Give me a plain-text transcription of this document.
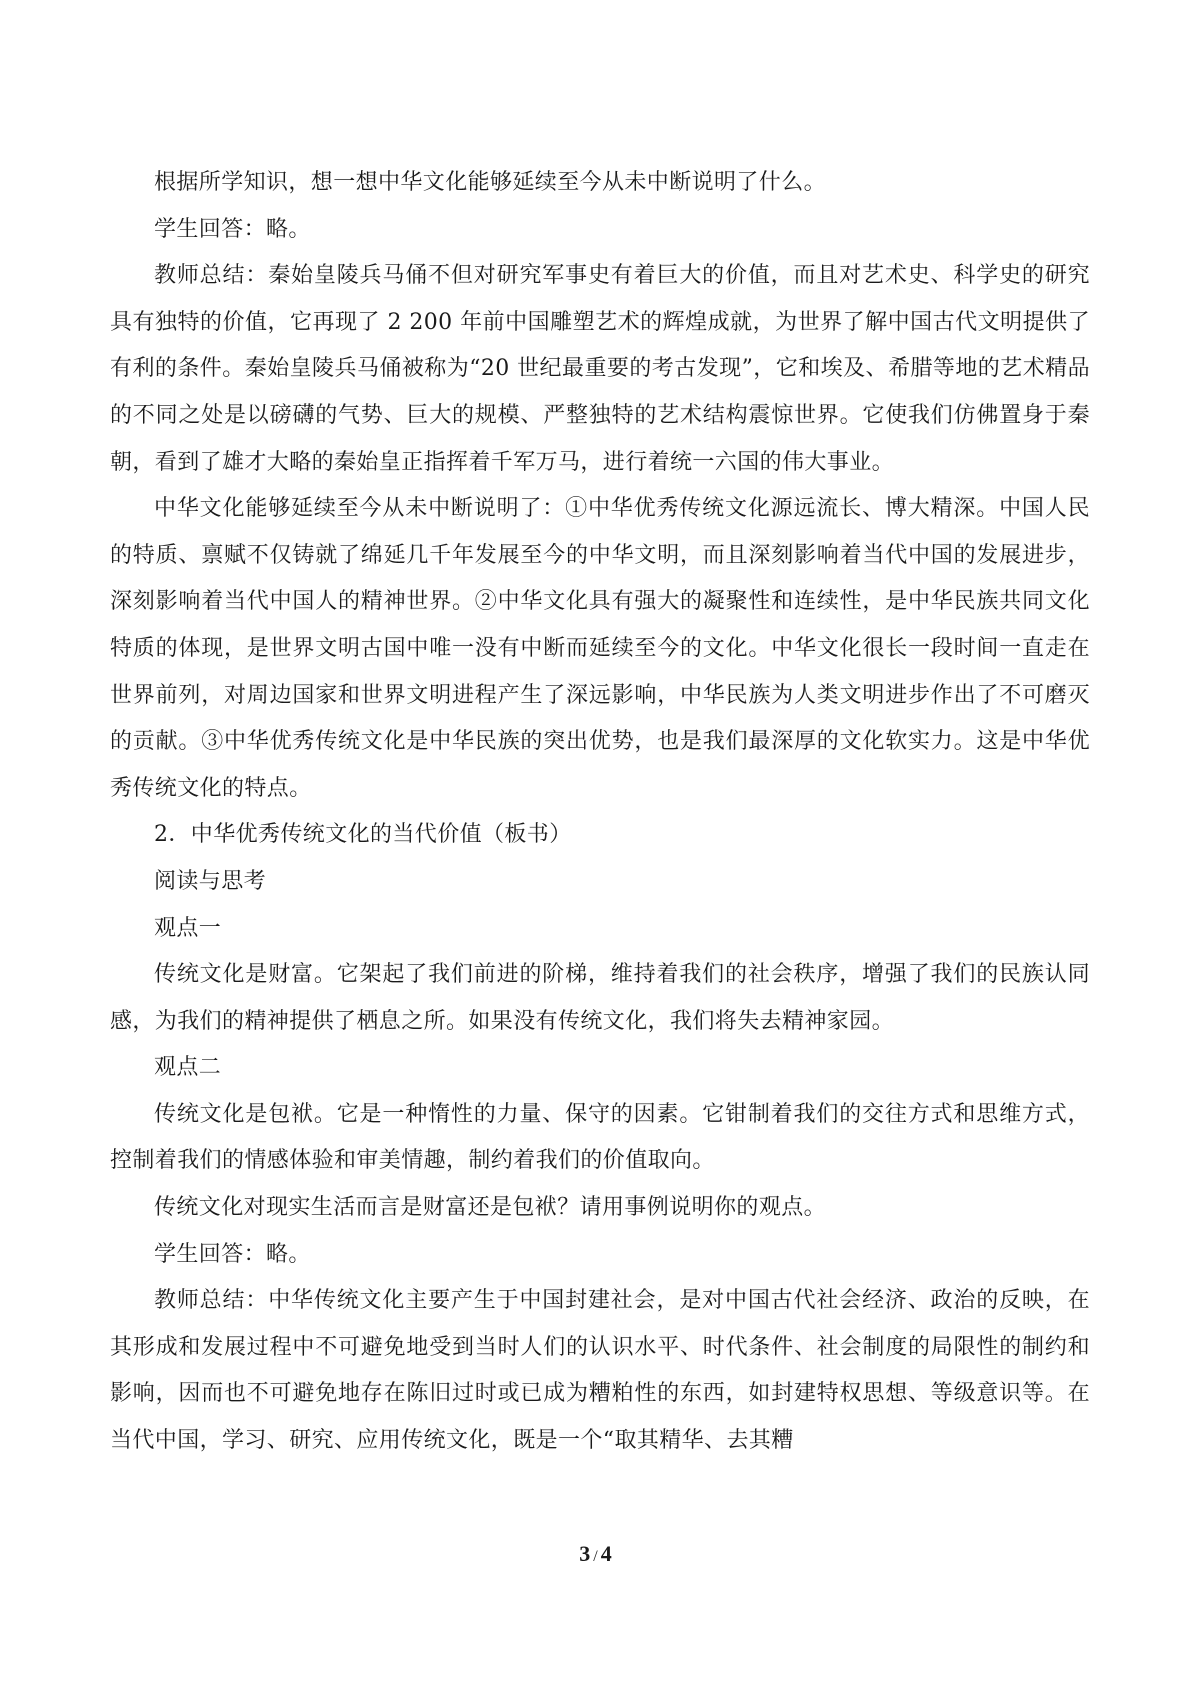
根据所学知识，想一想中华文化能够延续至今从未中断说明了什么。

学生回答：略。

教师总结：秦始皇陵兵马俑不但对研究军事史有着巨大的价值，而且对艺术史、科学史的研究具有独特的价值，它再现了 2 200 年前中国雕塑艺术的辉煌成就，为世界了解中国古代文明提供了有利的条件。秦始皇陵兵马俑被称为“20 世纪最重要的考古发现”，它和埃及、希腊等地的艺术精品的不同之处是以磅礴的气势、巨大的规模、严整独特的艺术结构震惊世界。它使我们仿佛置身于秦朝，看到了雄才大略的秦始皇正指挥着千军万马，进行着统一六国的伟大事业。

中华文化能够延续至今从未中断说明了：①中华优秀传统文化源远流长、博大精深。中国人民的特质、禀赋不仅铸就了绵延几千年发展至今的中华文明，而且深刻影响着当代中国的发展进步，深刻影响着当代中国人的精神世界。②中华文化具有强大的凝聚性和连续性，是中华民族共同文化特质的体现，是世界文明古国中唯一没有中断而延续至今的文化。中华文化很长一段时间一直走在世界前列，对周边国家和世界文明进程产生了深远影响，中华民族为人类文明进步作出了不可磨灭的贡献。③中华优秀传统文化是中华民族的突出优势，也是我们最深厚的文化软实力。这是中华优秀传统文化的特点。

2．中华优秀传统文化的当代价值（板书）

阅读与思考

观点一

传统文化是财富。它架起了我们前进的阶梯，维持着我们的社会秩序，增强了我们的民族认同感，为我们的精神提供了栖息之所。如果没有传统文化，我们将失去精神家园。

观点二

传统文化是包袱。它是一种惰性的力量、保守的因素。它钳制着我们的交往方式和思维方式，控制着我们的情感体验和审美情趣，制约着我们的价值取向。

传统文化对现实生活而言是财富还是包袱？请用事例说明你的观点。

学生回答：略。

教师总结：中华传统文化主要产生于中国封建社会，是对中国古代社会经济、政治的反映，在其形成和发展过程中不可避免地受到当时人们的认识水平、时代条件、社会制度的局限性的制约和影响，因而也不可避免地存在陈旧过时或已成为糟粕性的东西，如封建特权思想、等级意识等。在当代中国，学习、研究、应用传统文化，既是一个“取其精华、去其糟

3 / 4
